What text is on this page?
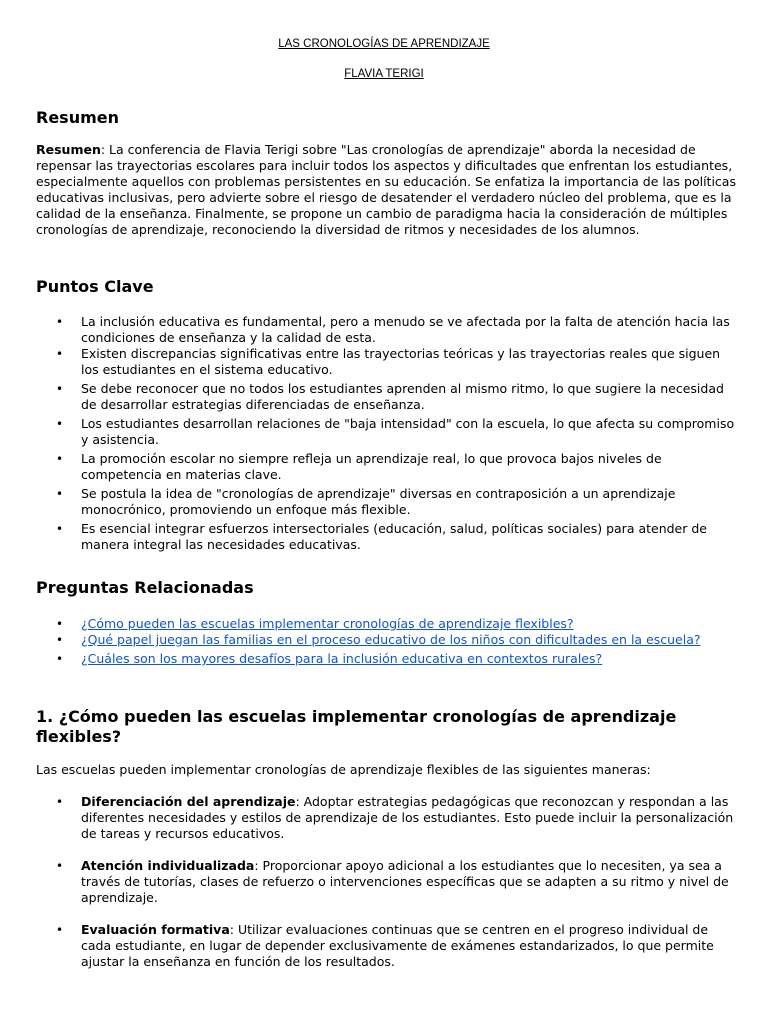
LAS CRONOLOGÍAS DE APRENDIZAJE

FLAVIA TERIGI

Resumen

Resumen: La conferencia de Flavia Terigi sobre "Las cronologías de aprendizaje" aborda la necesidad de repensar las trayectorias escolares para incluir todos los aspectos y dificultades que enfrentan los estudiantes, especialmente aquellos con problemas persistentes en su educación. Se enfatiza la importancia de las políticas educativas inclusivas, pero advierte sobre el riesgo de desatender el verdadero núcleo del problema, que es la calidad de la enseñanza. Finalmente, se propone un cambio de paradigma hacia la consideración de múltiples cronologías de aprendizaje, reconociendo la diversidad de ritmos y necesidades de los alumnos.

Puntos Clave
• La inclusión educativa es fundamental, pero a menudo se ve afectada por la falta de atención hacia las condiciones de enseñanza y la calidad de esta.
• Existen discrepancias significativas entre las trayectorias teóricas y las trayectorias reales que siguen los estudiantes en el sistema educativo.
• Se debe reconocer que no todos los estudiantes aprenden al mismo ritmo, lo que sugiere la necesidad de desarrollar estrategias diferenciadas de enseñanza.
• Los estudiantes desarrollan relaciones de "baja intensidad" con la escuela, lo que afecta su compromiso y asistencia.
• La promoción escolar no siempre refleja un aprendizaje real, lo que provoca bajos niveles de competencia en materias clave.
• Se postula la idea de "cronologías de aprendizaje" diversas en contraposición a un aprendizaje monocrónico, promoviendo un enfoque más flexible.
• Es esencial integrar esfuerzos intersectoriales (educación, salud, políticas sociales) para atender de manera integral las necesidades educativas.
Preguntas Relacionadas
• ¿Cómo pueden las escuelas implementar cronologías de aprendizaje flexibles?
• ¿Qué papel juegan las familias en el proceso educativo de los niños con dificultades en la escuela?
• ¿Cuáles son los mayores desafíos para la inclusión educativa en contextos rurales?
1. ¿Cómo pueden las escuelas implementar cronologías de aprendizaje flexibles?

Las escuelas pueden implementar cronologías de aprendizaje flexibles de las siguientes maneras:

• Diferenciación del aprendizaje: Adoptar estrategias pedagógicas que reconozcan y respondan a las diferentes necesidades y estilos de aprendizaje de los estudiantes. Esto puede incluir la personalización de tareas y recursos educativos.
• Atención individualizada: Proporcionar apoyo adicional a los estudiantes que lo necesiten, ya sea a través de tutorías, clases de refuerzo o intervenciones específicas que se adapten a su ritmo y nivel de aprendizaje.
• Evaluación formativa: Utilizar evaluaciones continuas que se centren en el progreso individual de cada estudiante, en lugar de depender exclusivamente de exámenes estandarizados, lo que permite ajustar la enseñanza en función de los resultados.
